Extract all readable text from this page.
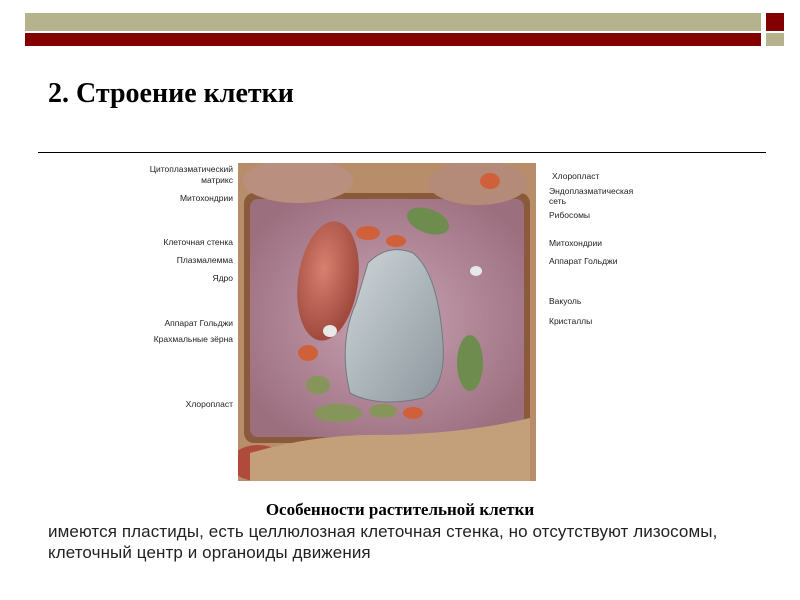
2. Строение клетки
Цитоплазматический
матрикс
Митохондрии
Клеточная стенка
Плазмалемма
Ядро
Аппарат Гольджи
Крахмальные зёрна
Хлоропласт
Хлоропласт
Эндоплазматическая
сеть
Рибосомы
Митохондрии
Аппарат Гольджи
Вакуоль
Кристаллы
Особенности растительной клетки
имеются пластиды, есть целлюлозная клеточная стенка, но отсутствуют лизосомы, клеточный центр и органоиды движения
